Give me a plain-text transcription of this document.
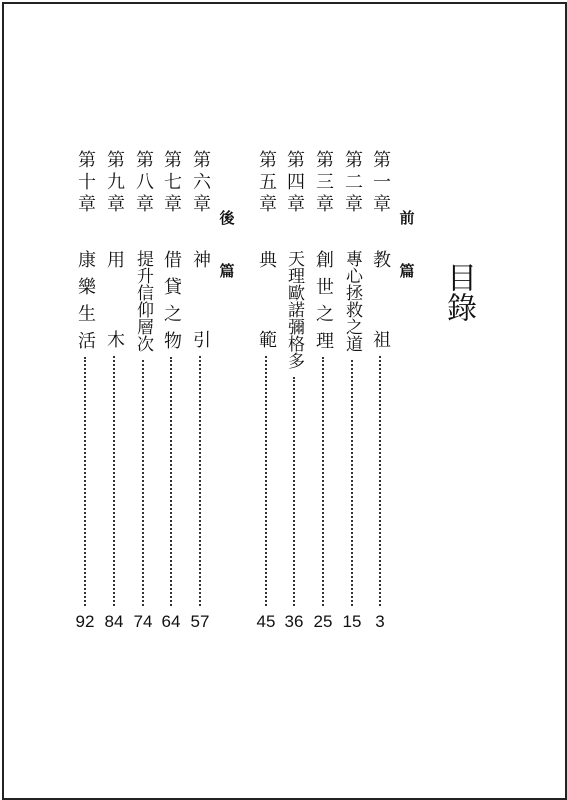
目錄
前篇
後篇
第一章
教祖
3
第二章
專心拯救之道
15
第三章
創世之理
25
第四章
天理歐諾彌格多
36
第五章
典範
45
第六章
神引
57
第七章
借貸之物
64
第八章
提升信仰層次
74
第九章
用木
84
第十章
康樂生活
92
